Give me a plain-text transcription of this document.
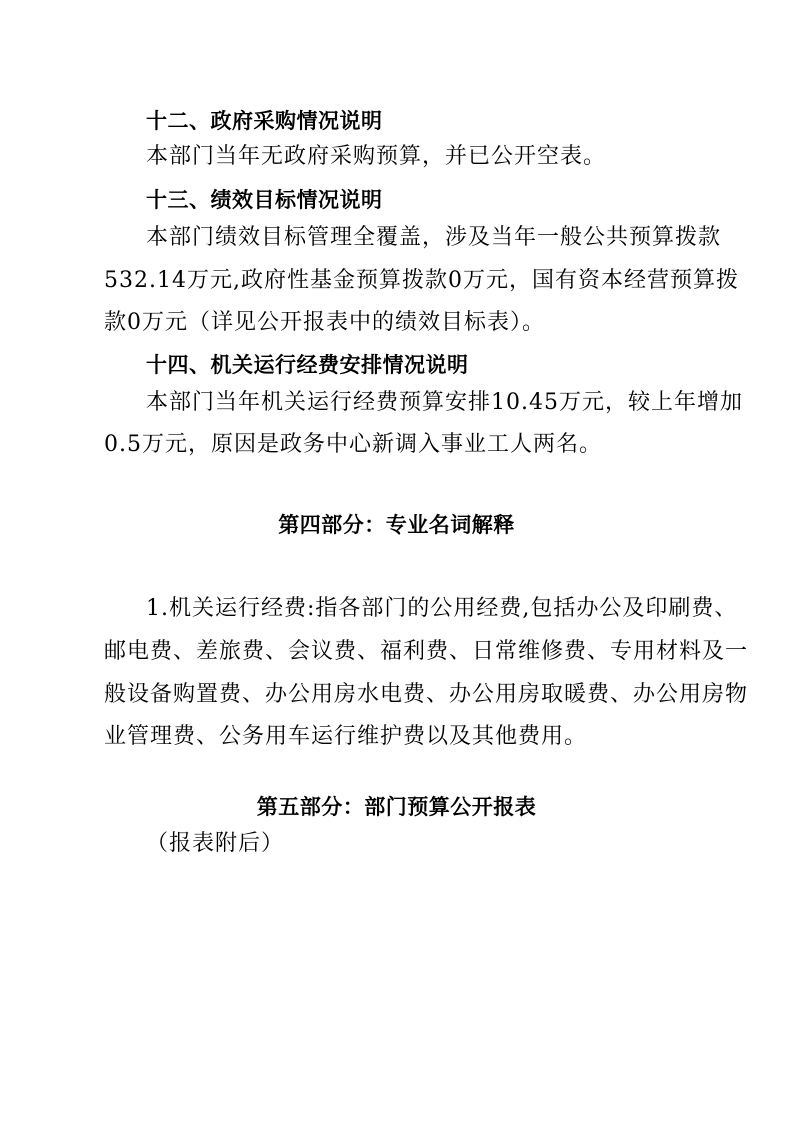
十二、政府采购情况说明
本部门当年无政府采购预算，并已公开空表。
十三、绩效目标情况说明
本部门绩效目标管理全覆盖，涉及当年一般公共预算拨款
532.14万元,政府性基金预算拨款0万元，国有资本经营预算拨
款0万元（详见公开报表中的绩效目标表）。
十四、机关运行经费安排情况说明
本部门当年机关运行经费预算安排10.45万元，较上年增加
0.5万元，原因是政务中心新调入事业工人两名。
第四部分：专业名词解释
1.机关运行经费:指各部门的公用经费,包括办公及印刷费、
邮电费、差旅费、会议费、福利费、日常维修费、专用材料及一
般设备购置费、办公用房水电费、办公用房取暖费、办公用房物
业管理费、公务用车运行维护费以及其他费用。
第五部分：部门预算公开报表
（报表附后）
